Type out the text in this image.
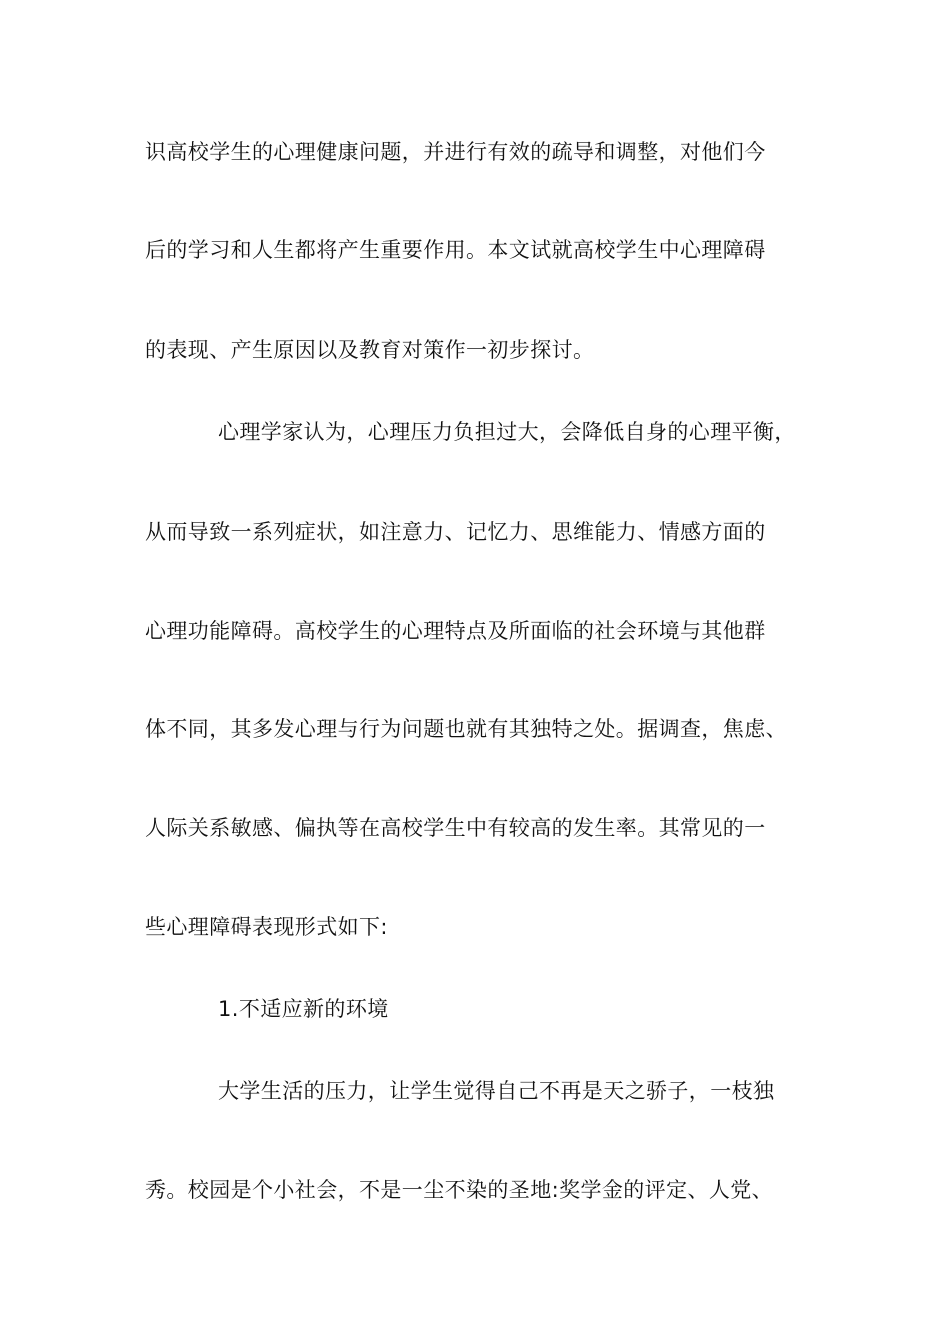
识高校学生的心理健康问题，并进行有效的疏导和调整，对他们今
后的学习和人生都将产生重要作用。本文试就高校学生中心理障碍
的表现、产生原因以及教育对策作一初步探讨。
心理学家认为，心理压力负担过大，会降低自身的心理平衡，
从而导致一系列症状，如注意力、记忆力、思维能力、情感方面的
心理功能障碍。高校学生的心理特点及所面临的社会环境与其他群
体不同，其多发心理与行为问题也就有其独特之处。据调查，焦虑、
人际关系敏感、偏执等在高校学生中有较高的发生率。其常见的一
些心理障碍表现形式如下:
1.不适应新的环境
大学生活的压力，让学生觉得自己不再是天之骄子，一枝独
秀。校园是个小社会，不是一尘不染的圣地:奖学金的评定、人党、
